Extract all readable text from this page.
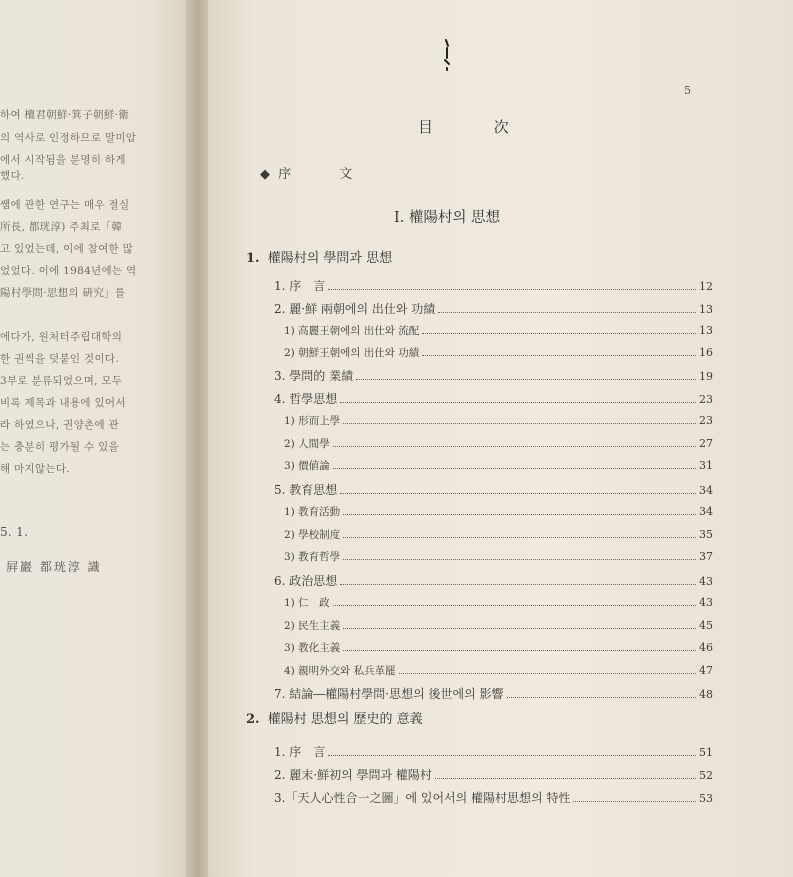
하여 檀君朝鮮·箕子朝鮮·衛
의 역사로 인정하므로 말미암
에서 시작됨을 분명히 하게
했다.
쌤에 관한 연구는 매우 절실
所長, 都珖淳) 주최로「韓
고 있었는데, 이에 참여한 많
었었다. 이에 1984년에는 역
陽村學問·思想의 硏究」를
에다가, 원처터주립대학의
한 권씩을 덧붙인 것이다.
3부로 분류되었으며, 모두
비록 제목과 내용에 있어서
라 하였으나, 권양촌에 관
는 충분히 평가될 수 있을
해 마지않는다.
5. 1.
屛巖 都珖淳 識
5
目 次
◆ 序 文
Ⅰ. 權陽村의 思想
1. 權陽村의 學問과 思想
1. 序　言	12
2. 麗·鮮 兩朝에의 出仕와 功績	13
1) 高麗王朝에의 出仕와 流配	13
2) 朝鮮王朝에의 出仕와 功績	16
3. 學問的 業績	19
4. 哲學思想	23
1) 形而上學	23
2) 人間學	27
3) 價値論	31
5. 教育思想	34
1) 教育活動	34
2) 學校制度	35
3) 教育哲學	37
6. 政治思想	43
1) 仁　政	43
2) 民生主義	45
3) 教化主義	46
4) 親明外交와 私兵革罷	47
7. 結論―權陽村學問·思想의 後世에의 影響	48
2. 權陽村 思想의 歷史的 意義
1. 序　言	51
2. 麗末·鮮初의 學問과 權陽村	52
3.「天人心性合一之圖」에 있어서의 權陽村思想의 特性	53
